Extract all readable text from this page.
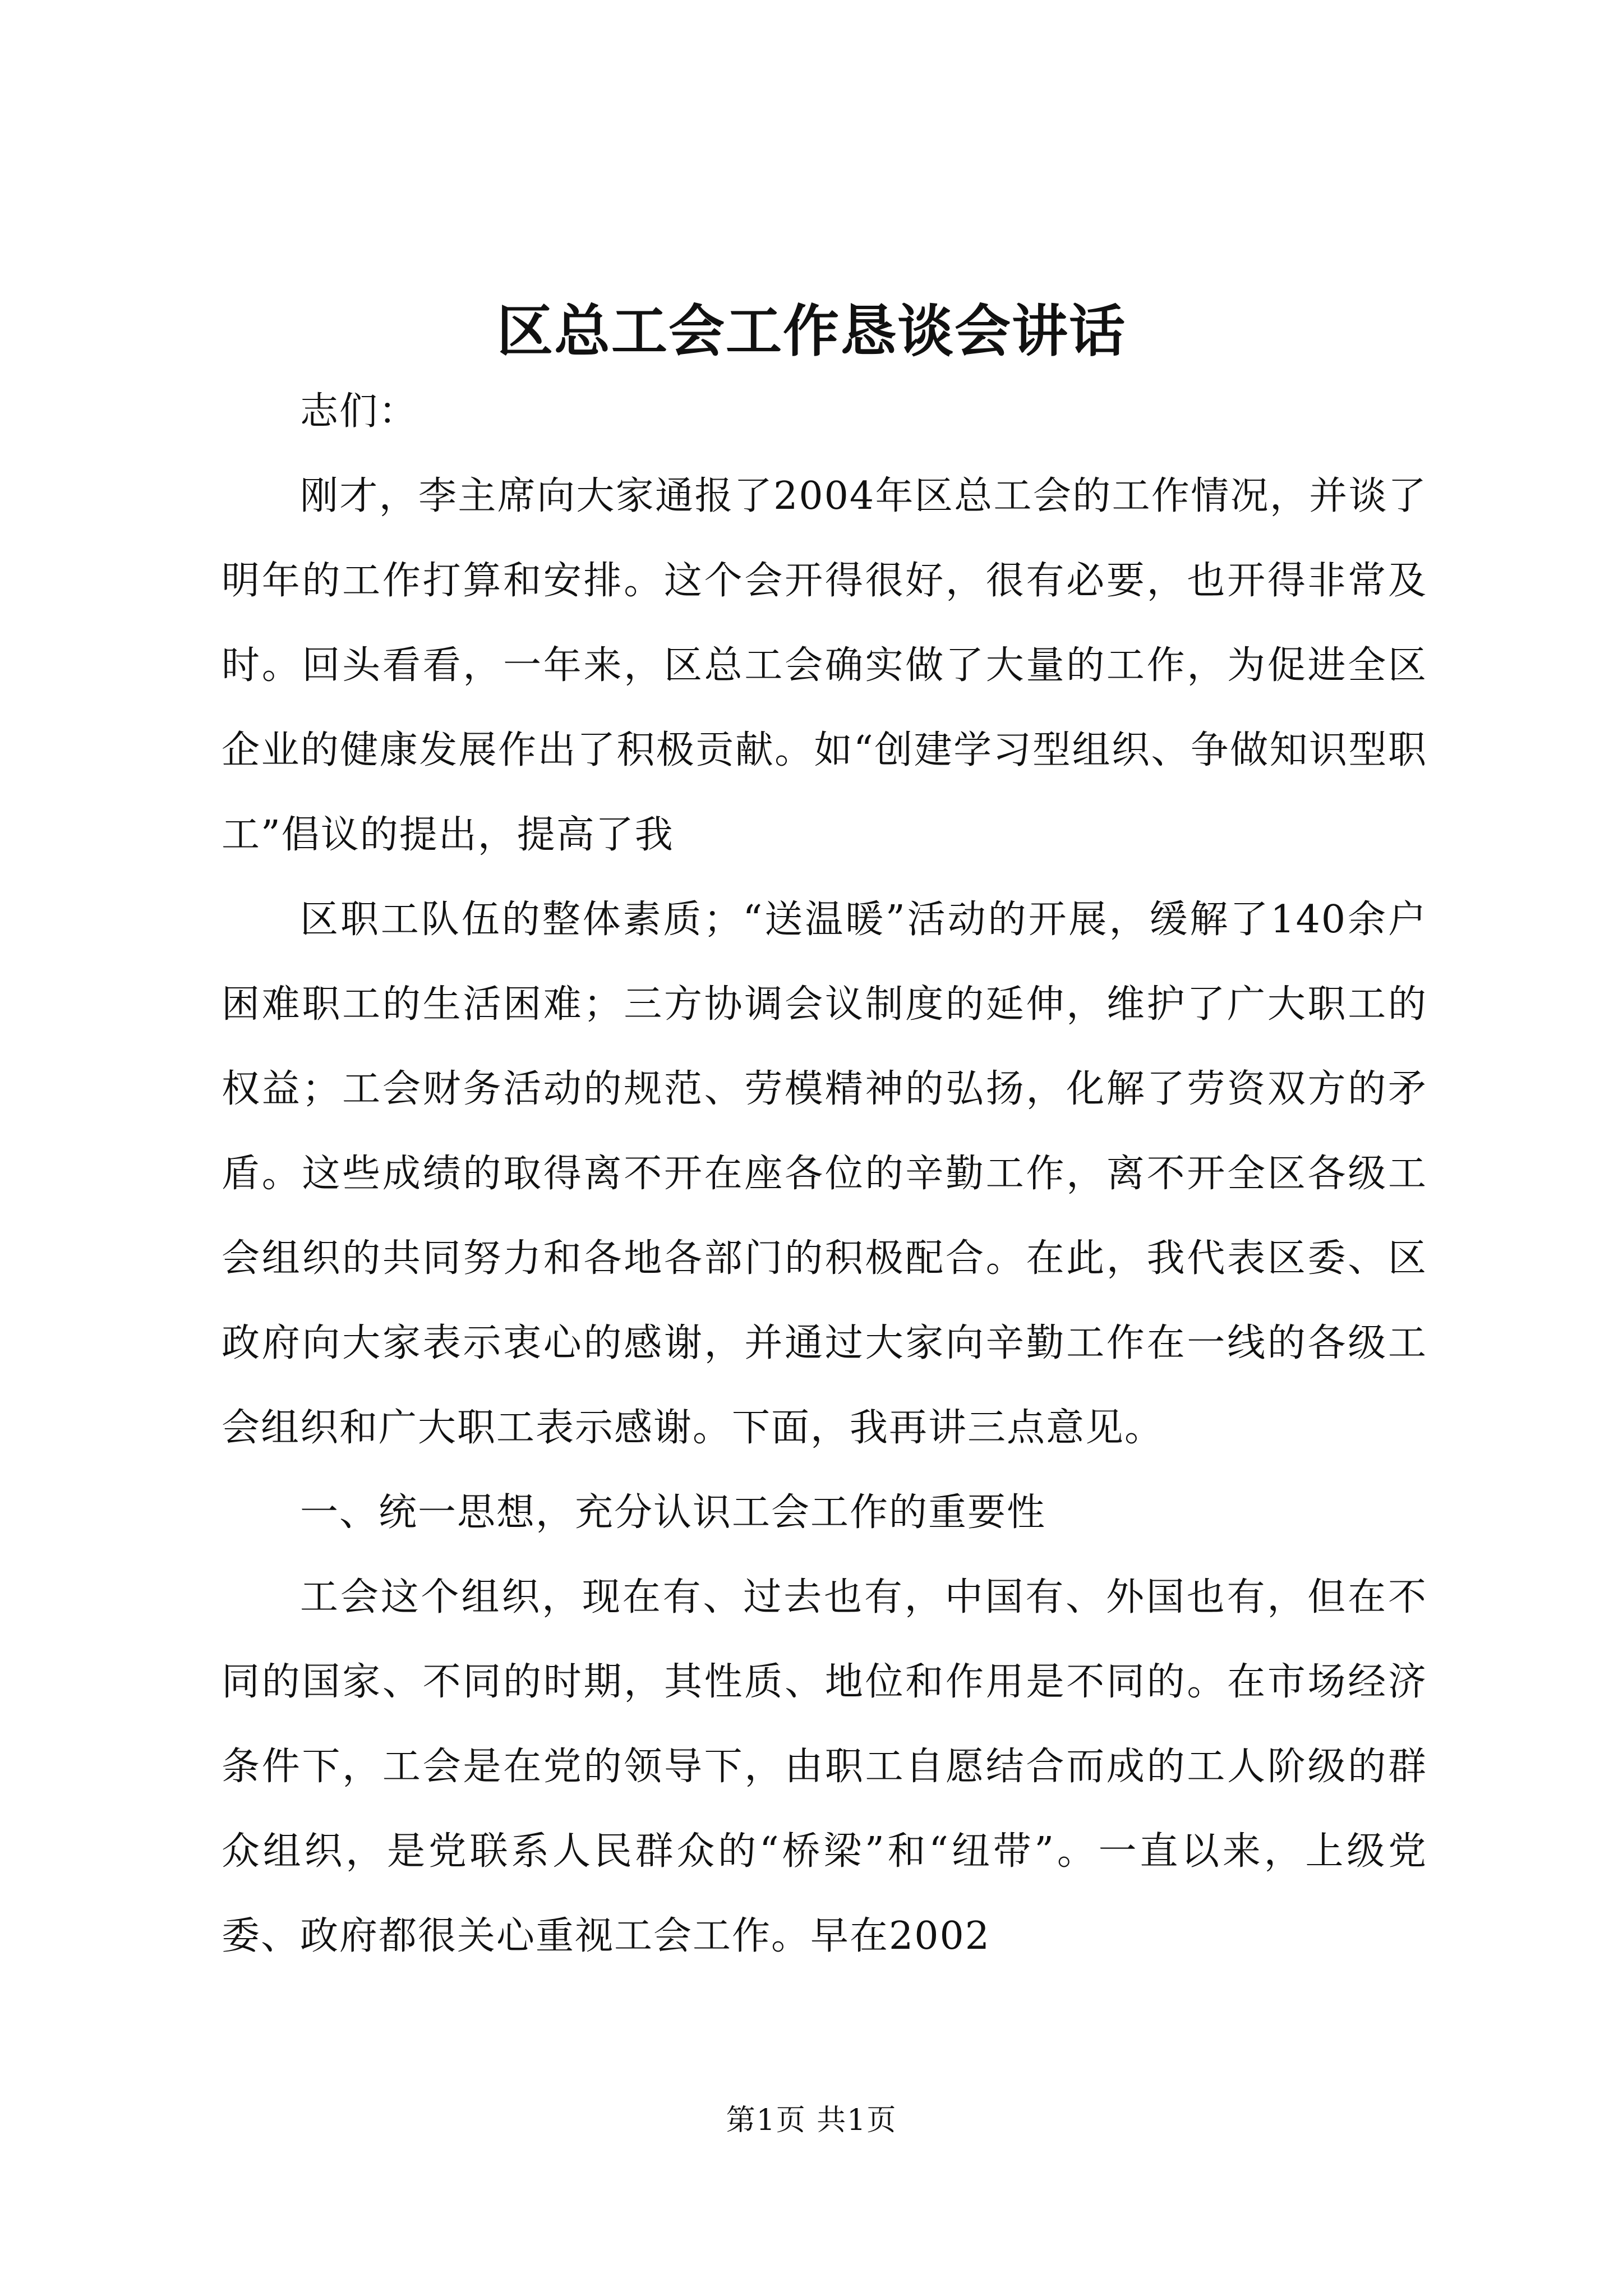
区总工会工作恳谈会讲话

志们：

刚才，李主席向大家通报了2004年区总工会的工作情况，并谈了明年的工作打算和安排。这个会开得很好，很有必要，也开得非常及时。回头看看，一年来，区总工会确实做了大量的工作，为促进全区企业的健康发展作出了积极贡献。如“创建学习型组织、争做知识型职工”倡议的提出，提高了我

区职工队伍的整体素质；“送温暖”活动的开展，缓解了140余户困难职工的生活困难；三方协调会议制度的延伸，维护了广大职工的权益；工会财务活动的规范、劳模精神的弘扬，化解了劳资双方的矛盾。这些成绩的取得离不开在座各位的辛勤工作，离不开全区各级工会组织的共同努力和各地各部门的积极配合。在此，我代表区委、区政府向大家表示衷心的感谢，并通过大家向辛勤工作在一线的各级工会组织和广大职工表示感谢。下面，我再讲三点意见。

一、统一思想，充分认识工会工作的重要性

工会这个组织，现在有、过去也有，中国有、外国也有，但在不同的国家、不同的时期，其性质、地位和作用是不同的。在市场经济条件下，工会是在党的领导下，由职工自愿结合而成的工人阶级的群众组织，是党联系人民群众的“桥梁”和“纽带”。一直以来，上级党委、政府都很关心重视工会工作。早在2002

第1页 共1页
